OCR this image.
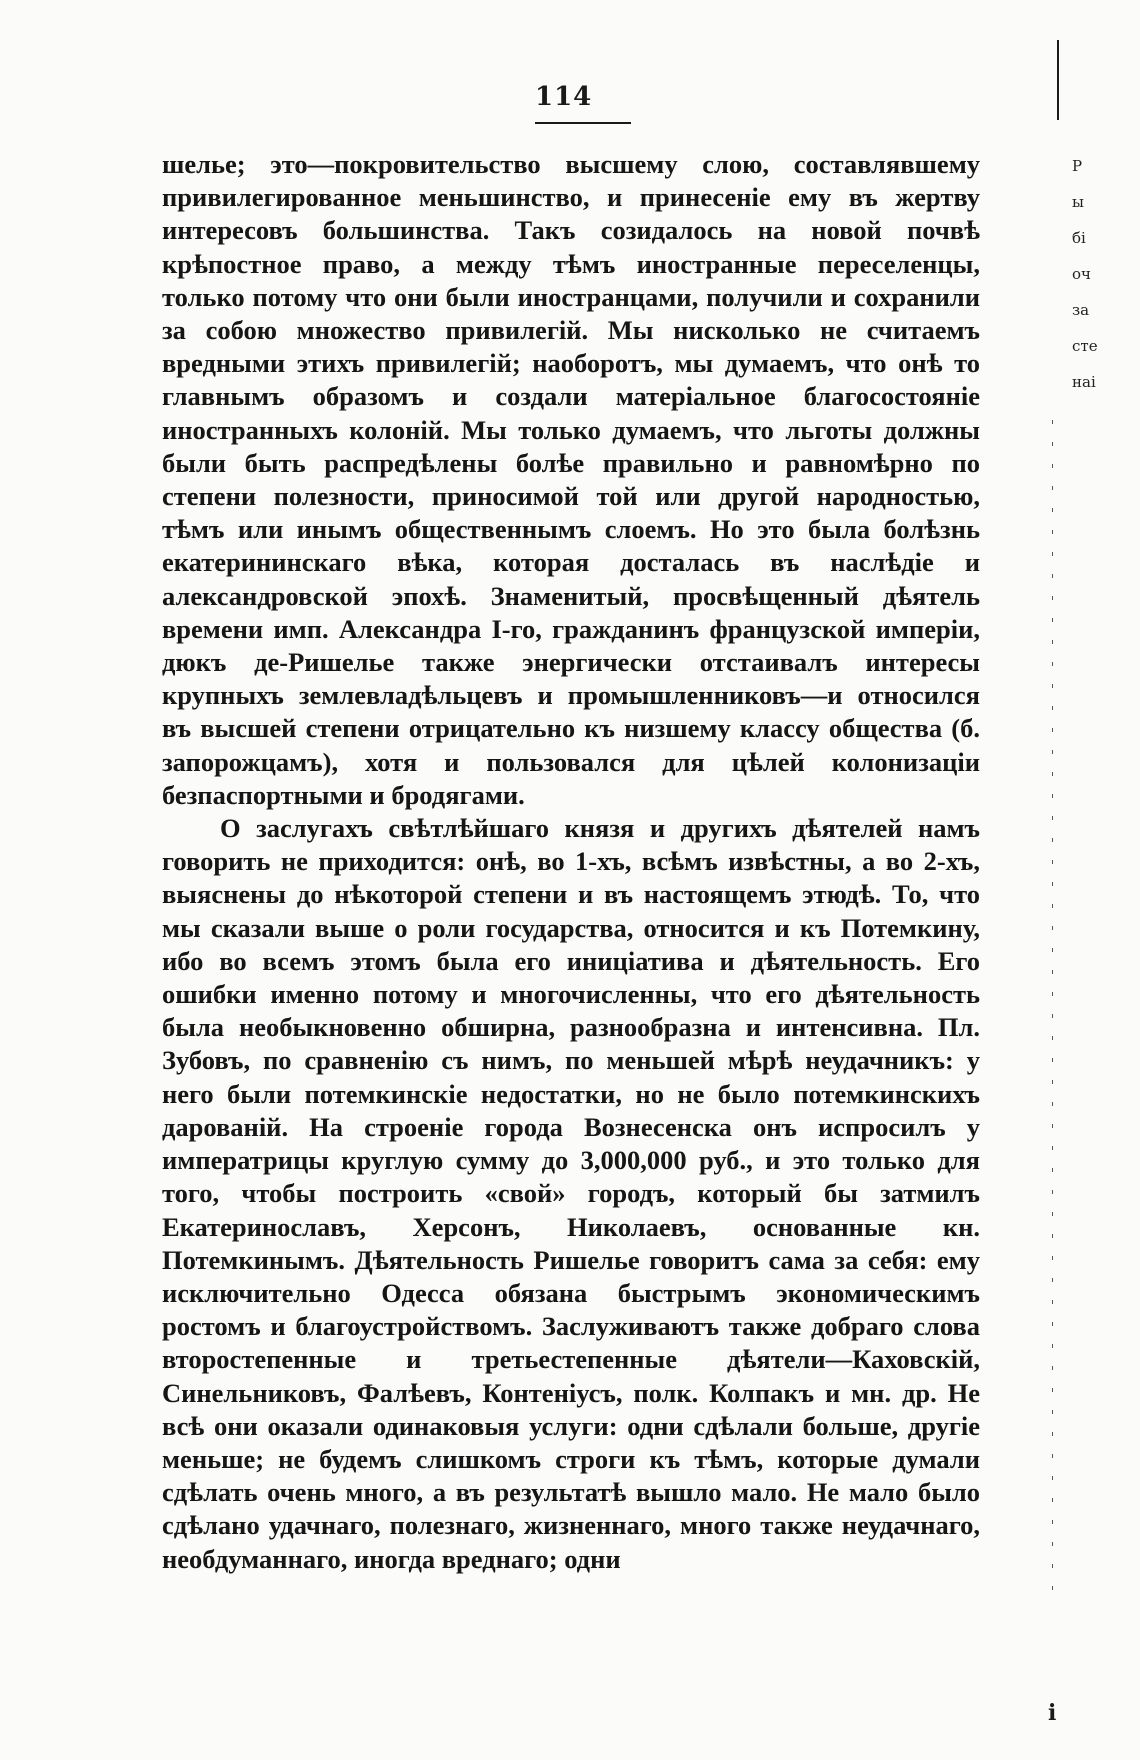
114

шелье; это—покровительство высшему слою, составлявшему привилегированное меньшинство, и принесеніе ему въ жертву интересовъ большинства. Такъ созидалось на новой почвѣ крѣпостное право, а между тѣмъ иностранные переселенцы, только потому что они были иностранцами, получили и сохранили за собою множество привилегій. Мы нисколько не считаемъ вредными этихъ привилегій; наоборотъ, мы думаемъ, что онѣ то главнымъ образомъ и создали матеріальное благосостояніе иностранныхъ колоній. Мы только думаемъ, что льготы должны были быть распредѣлены болѣе правильно и равномѣрно по степени полезности, приносимой той или другой народностью, тѣмъ или инымъ общественнымъ слоемъ. Но это была болѣзнь екатерининскаго вѣка, которая досталась въ наслѣдіе и александровской эпохѣ. Знаменитый, просвѣщенный дѣятель времени имп. Александра I-го, гражданинъ французской имперіи, дюкъ де-Ришелье также энергически отстаивалъ интересы крупныхъ землевладѣльцевъ и промышленниковъ—и относился въ высшей степени отрицательно къ низшему классу общества (б. запорожцамъ), хотя и пользовался для цѣлей колонизаціи безпаспортными и бродягами.

О заслугахъ свѣтлѣйшаго князя и другихъ дѣятелей намъ говорить не приходится: онѣ, во 1-хъ, всѣмъ извѣстны, а во 2-хъ, выяснены до нѣкоторой степени и въ настоящемъ этюдѣ. То, что мы сказали выше о роли государства, относится и къ Потемкину, ибо во всемъ этомъ была его иниціатива и дѣятельность. Его ошибки именно потому и многочисленны, что его дѣятельность была необыкновенно обширна, разнообразна и интенсивна. Пл. Зубовъ, по сравненію съ нимъ, по меньшей мѣрѣ неудачникъ: у него были потемкинскіе недостатки, но не было потемкинскихъ дарованій. На строеніе города Вознесенска онъ испросилъ у императрицы круглую сумму до 3,000,000 руб., и это только для того, чтобы построить «свой» городъ, который бы затмилъ Екатеринославъ, Херсонъ, Николаевъ, основанные кн. Потемкинымъ. Дѣятельность Ришелье говоритъ сама за себя: ему исключительно Одесса обязана быстрымъ экономическимъ ростомъ и благоустройствомъ. Заслуживаютъ также добраго слова второстепенные и третьестепенные дѣятели—Каховскій, Синельниковъ, Фалѣевъ, Контеніусъ, полк. Колпакъ и мн. др. Не всѣ они оказали одинаковыя услуги: одни сдѣлали больше, другіе меньше; не будемъ слишкомъ строги къ тѣмъ, которые думали сдѣлать очень много, а въ результатѣ вышло мало. Не мало было сдѣлано удачнаго, полезнаго, жизненнаго, много также неудачнаго, необдуманнаго, иногда вреднаго; одни

Р
ы
бі
оч
за
сте
наі
і
